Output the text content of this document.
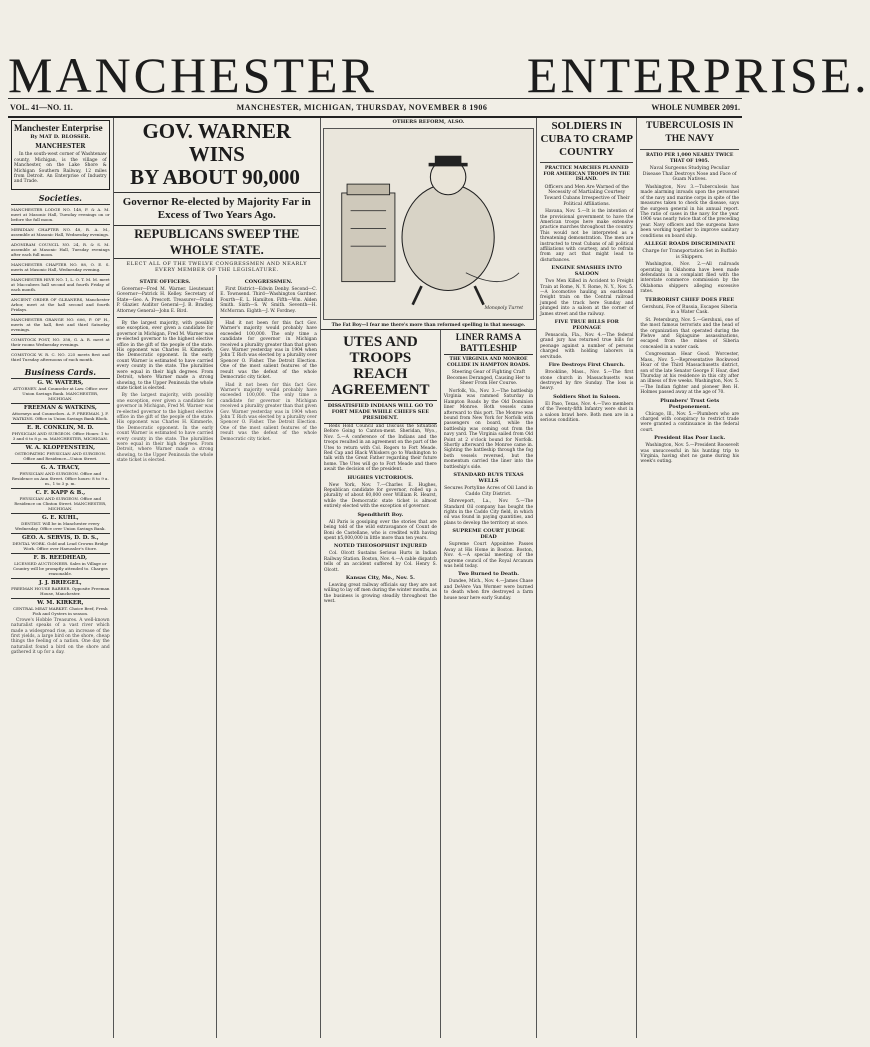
MANCHESTER	ENTERPRISE.
VOL. 41—NO. 11.	MANCHESTER, MICHIGAN, THURSDAY, NOVEMBER 8 1906	WHOLE NUMBER 2091.
Manchester Enterprise
By MAT D. BLOSSER.
MANCHESTER

In the south-west corner of Washtenaw county, Michigan, is the village of Manchester, on the Lake Shore & Michigan Southern Railway, 12 miles from Detroit. An Enterprise of Industry and Trade.

Societies.
MANCHESTER LODGE NO. 148, F. & A. M. meet at Masonic Hall, Tuesday evenings on or before the full moon.
MERIDIAN CHAPTER NO. 48, R. A. M., assemble at Masonic Hall, Wednesday evenings.
ADONIRAM COUNCIL NO. 24, R. & S. M. assemble at Masonic Hall, Tuesday evenings after each full moon.
MANCHESTER CHAPTER NO. 88, O. E. S. meets at Masonic Hall, Wednesday evening.
MANCHESTER HIVE NO. 1, L. O. T. M. M. meet at Maccabees hall second and fourth Friday of each month.
ANCIENT ORDER OF GLEANERS, Manchester Arbor, meet at the hall second and fourth Fridays.
MANCHESTER GRANGE NO. 606, P. OF H., meets at the hall, first and third Saturday evenings.
COMSTOCK POST, NO. 358, G. A. R. meet at their rooms Wednesday evenings.
COMSTOCK W. R. C. NO. 225 meets first and third Tuesday afternoons of each month.
Business Cards.
G. W. WATERS,
ATTORNEY. And Counselor at Law. Office over Union Savings Bank. MANCHESTER, MICHIGAN.
FREEMAN & WATKINS,
Attorneys and Counselors. A. F. FREEMAN. J. F. WATKINS. Office in Union Savings Bank Block.
E. R. CONKLIN, M. D.
PHYSICIAN AND SURGEON. Office Hours: 1 to 3 and 6 to 8 p. m. MANCHESTER, MICHIGAN.
W. A. KLOPFENSTEIN,
OSTEOPATHIC PHYSICIAN AND SURGEON. Office and Residence—Union Street.
G. A. TRACY,
PHYSICIAN AND SURGEON. Office and Residence on Ann Street. Office hours: 8 to 9 a. m., 1 to 3 p. m.
C. F. KAPP & B.,
PHYSICIAN AND SURGEON. Office and Residence on Clinton Street. MANCHESTER, MICHIGAN.
G. E. KUHL,
DENTIST. Will be in Manchester every Wednesday. Office over Union Savings Bank.
GEO. A. SERVIS, D. D. S.,
DENTAL WORK. Gold and Lead Crowns Bridge Work. Office over Haeussler's Store.
F. B. REEDHEAD,
LICENSED AUCTIONEER. Sales in Village or Country will be promptly attended to. Charges reasonable.
J. J. BRIEGEL,
FREEMAN HOUSE BARBER. Opposite Freeman House, Manchester.
W. M. KIRKER,
CENTRAL MEAT MARKET. Choice Beef, Fresh Fish and Oysters in season.

Crowe's Hobble Treasures. A well-known naturalist speaks of a vast river which made a widespread rise, an increase of the first yields, a large bird on the shore, cheap things the feeling of a nation. One day the naturalist found a bird on the shore and gathered it up for a day.

GOV. WARNER WINS
BY ABOUT 90,000
Governor Re-elected by Majority Far in Excess of Two Years Ago.
REPUBLICANS SWEEP THE WHOLE STATE.
ELECT ALL OF THE TWELVE CONGRESSMEN AND NEARLY EVERY MEMBER OF THE LEGISLATURE.
STATE OFFICERS.

Governor—Fred M. Warner. Lieutenant Governor—Patrick H. Kelley. Secretary of State—Geo. A. Prescott. Treasurer—Frank P. Glazier. Auditor General—J. B. Bradley. Attorney General—John E. Bird.

By the largest majority, with possibly one exception, ever given a candidate for governor in Michigan, Fred M. Warner was re-elected governor to the highest elective office in the gift of the people of the state. His opponent was Charles H. Kimmerle, the Democratic opponent. In the early count Warner is estimated to have carried every county in the state. The pluralities were equal in their high degrees. From Detroit, where Warner made a strong showing, to the Upper Peninsula the whole state ticket is elected.

By the largest majority, with possibly one exception, ever given a candidate for governor in Michigan, Fred M. Warner was re-elected governor to the highest elective office in the gift of the people of the state. His opponent was Charles H. Kimmerle, the Democratic opponent. In the early count Warner is estimated to have carried every county in the state. The pluralities were equal in their high degrees. From Detroit, where Warner made a strong showing, to the Upper Peninsula the whole state ticket is elected.

CONGRESSMEN.

First District—Edwin Denby. Second—C. E. Townsend. Third—Washington Gardner. Fourth—E. L. Hamilton. Fifth—Wm. Alden Smith. Sixth—S. W. Smith. Seventh—H. McMorran. Eighth—J. W. Fordney.

Had it not been for this fact Gov. Warner's majority would probably have exceeded 100,000. The only time a candidate for governor in Michigan received a plurality greater than that given Gov. Warner yesterday was in 1904 when John T. Rich was elected by a plurality over Spencer O. Fisher. The Detroit Election. One of the most salient features of the result was the defeat of the whole Democratic city ticket.

Had it not been for this fact Gov. Warner's majority would probably have exceeded 100,000. The only time a candidate for governor in Michigan received a plurality greater than that given Gov. Warner yesterday was in 1904 when John T. Rich was elected by a plurality over Spencer O. Fisher. The Detroit Election. One of the most salient features of the result was the defeat of the whole Democratic city ticket.

OTHERS REFORM, ALSO.
Monopoly Turret
The Fat Boy—I fear me there's more than reformed spelling in that message.
UTES AND TROOPS REACH AGREEMENT
DISSATISFIED INDIANS WILL GO TO FORT MEADE WHILE CHIEFS SEE PRESIDENT.

Reds Hold Council and Discuss the Situation Before Going to Canton-ment. Sheridan, Wyo., Nov. 5.—A conference of the Indians and the troops resulted in an agreement on the part of the Utes to return with Col. Rogers to Fort Meade. Red Cap and Black Whiskers go to Washington to talk with the Great Father regarding their future home. The Utes will go to Fort Meade and there await the decision of the president.

HUGHES VICTORIOUS.

New York, Nov. 7.—Charles E. Hughes, Republican candidate for governor, rolled up a plurality of about 60,000 over William R. Hearst, while the Democratic state ticket is almost entirely elected with the exception of governor.

Spendthrift Boy.

All Paris is gossiping over the stories that are being told of the wild extravagance of Count de Boni de Castellane, who is credited with having spent $5,000,000 in little more than ten years.

NOTED THEOSOPHIST INJURED

Col. Olcott Sustains Serious Hurts in Indian Railway Station. Boston, Nov. 4.—A cable dispatch tells of an accident suffered by Col. Henry S. Olcott.

Kansas City, Mo., Nov. 5.

Leaving great railway officials say they are not willing to lay off men during the winter months, as the business is growing steadily throughout the west.

LINER RAMS A BATTLESHIP
THE VIRGINIA AND MONROE COLLIDE IN HAMPTON ROADS.
Steering Gear of Fighting Craft Becomes Deranged, Causing Her to Sheer From Her Course.

Norfolk, Va., Nov. 3.—The battleship Virginia was rammed Saturday in Hampton Roads by the Old Dominion liner Monroe. Both vessels came afterward to this port. The Monroe was bound from New York for Norfolk with passengers on board, while the battleship was coming out from the navy yard. The Virginia sailed from Old Point at 2 o'clock bound for Norfolk. Shortly afterward the Monroe came in. Sighting the battleship through the fog both vessels reversed, but the momentum carried the liner into the battleship's side.

STANDARD BUYS TEXAS WELLS
Secures Portyline Acres of Oil Land in Caddo City District.

Shreveport, La., Nov. 5.—The Standard Oil company has bought the rights in the Caddo City field, in which oil was found in paying quantities, and plans to develop the territory at once.

SUPREME COURT JUDGE DEAD

Supreme Court Appointee Passes Away at His Home in Boston. Boston, Nov. 4.—A special meeting of the supreme council of the Royal Arcanum was held today.

Two Burned to Death.

Dundee, Mich., Nov. 4.—James Chase and DeVere Van Wormer were burned to death when fire destroyed a farm house near here early Sunday.

SOLDIERS IN CUBA TO CRAMP COUNTRY
PRACTICE MARCHES PLANNED FOR AMERICAN TROOPS IN THE ISLAND.
Officers and Men Are Warned of the Necessity of Martialing Courtesy Toward Cubans Irrespective of Their Political Affiliations.

Havana, Nov. 5.—It is the intention of the provisional government to have the American troops here make extensive practice marches throughout the country. This would not be interpreted as a threatening demonstration. The men are instructed to treat Cubans of all political affiliations with courtesy, and to refrain from any act that might lead to disturbances.

ENGINE SMASHES INTO SALOON

Two Men Killed in Accident to Freight Train at Rome, N. Y. Rome, N. Y., Nov. 5.—A locomotive hauling an eastbound freight train on the Central railroad jumped the track here Sunday and plunged into a saloon at the corner of James street and the railway.

FIVE TRUE BILLS FOR PEONAGE

Pensacola, Fla., Nov. 4.—The federal grand jury has returned true bills for peonage against a number of persons charged with holding laborers in servitude.

Fire Destroys First Church.

Brookline, Mass., Nov. 5.—The first stone church in Massachusetts was destroyed by fire Sunday. The loss is heavy.

Soldiers Shot in Saloon.

El Paso, Texas, Nov. 4.—Two members of the Twenty-fifth Infantry were shot in a saloon brawl here. Both men are in a serious condition.

TUBERCULOSIS IN THE NAVY
RATIO PER 1,000 NEARLY TWICE THAT OF 1905.
Naval Surgeons Studying Peculiar Disease That Destroys Nose and Face of Guam Natives.

Washington, Nov. 3.—Tuberculosis has made alarming inroads upon the personnel of the navy and marine corps in spite of the measures taken to check the disease, says the surgeon general in his annual report. The ratio of cases in the navy for the year 1906 was nearly twice that of the preceding year. Navy officers and the surgeons have been working together to improve sanitary conditions on board ship.

ALLEGE ROADS DISCRIMINATE
Charge for Transportation Set in Buffalo is Shippers.

Washington, Nov. 2.—All railroads operating in Oklahoma have been made defendants in a complaint filed with the interstate commerce commission by the Oklahoma shippers alleging excessive rates.

TERRORIST CHIEF DOES FREE
Gershuni, Foe of Russia, Escapes Siberia in a Water Cask.

St. Petersburg, Nov. 5.—Gershuni, one of the most famous terrorists and the head of the organization that operated during the Plehve and Sipiaguine assassinations, escaped from the mines of Siberia concealed in a water cask.

Congressman Hear Good. Worcester, Mass., Nov. 5.—Representative Rockwood Hoar of the Third Massachusetts district, son of the late Senator George F. Hoar, died Thursday at his residence in this city after an illness of five weeks. Washington, Nov. 5.—The Indian fighter and pioneer Ben H. Holmes passed away at the age of 70.

Plumbers' Trust Gets Postponement.

Chicago, Ill., Nov. 5.—Plumbers who are charged with conspiracy to restrict trade were granted a continuance in the federal court.

President Has Poor Luck.

Washington, Nov. 5.—President Roosevelt was unsuccessful in his hunting trip to Virginia, having shot no game during his week's outing.
